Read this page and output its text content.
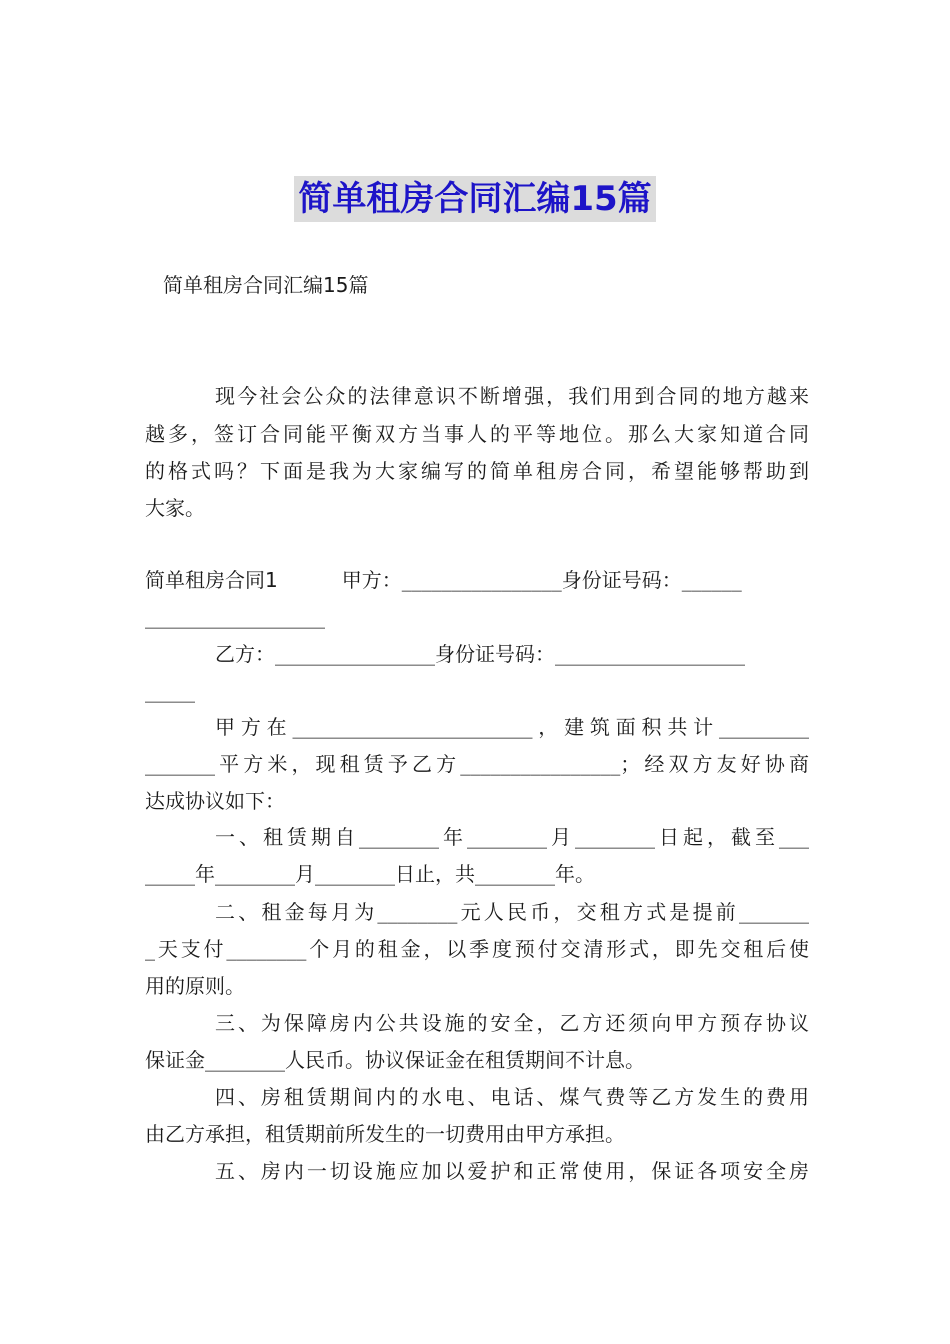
简单租房合同汇编15篇
简单租房合同汇编15篇
现今社会公众的法律意识不断增强，我们用到合同的地方越来
越多，签订合同能平衡双方当事人的平等地位。那么大家知道合同
的格式吗？下面是我为大家编写的简单租房合同，希望能够帮助到
大家。
简单租房合同1	甲方：________________身份证号码：______
__________________
乙方：________________身份证号码：___________________
_____
甲方在________________________，建筑面积共计_________
_______平方米，现租赁予乙方________________；经双方友好协商
达成协议如下：
一、租赁期自________年________月________日起，截至___
_____年________月________日止，共________年。
二、租金每月为________元人民币，交租方式是提前_______
_天支付________个月的租金，以季度预付交清形式，即先交租后使
用的原则。
三、为保障房内公共设施的安全，乙方还须向甲方预存协议
保证金________人民币。协议保证金在租赁期间不计息。
四、房租赁期间内的水电、电话、煤气费等乙方发生的费用
由乙方承担，租赁期前所发生的一切费用由甲方承担。
五、房内一切设施应加以爱护和正常使用，保证各项安全房
